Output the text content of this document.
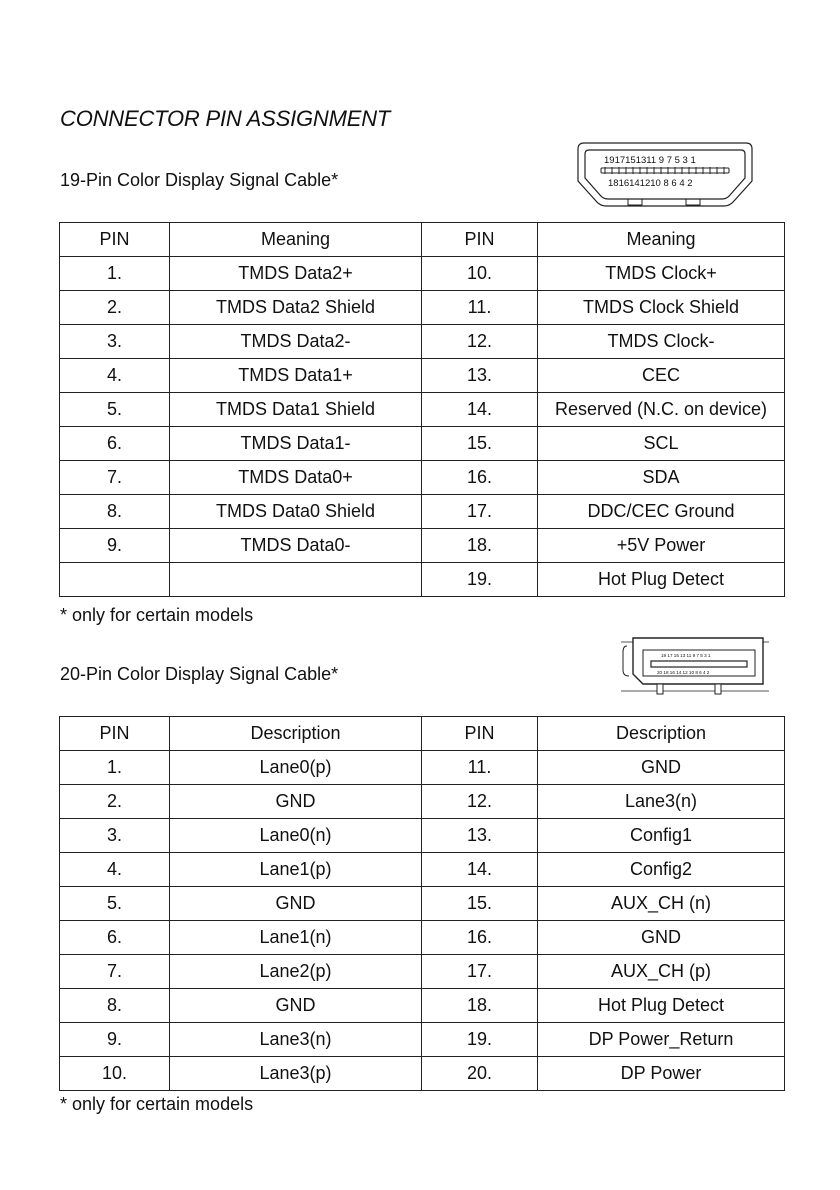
CONNECTOR PIN ASSIGNMENT
19-Pin Color Display Signal Cable*
1917151311 9 7 5 3 1
1816141210 8 6 4 2
PIN	Meaning	PIN	Meaning
1.	TMDS Data2+	10.	TMDS Clock+
2.	TMDS Data2 Shield	11.	TMDS Clock Shield
3.	TMDS Data2-	12.	TMDS Clock-
4.	TMDS Data1+	13.	CEC
5.	TMDS Data1 Shield	14.	Reserved (N.C. on device)
6.	TMDS Data1-	15.	SCL
7.	TMDS Data0+	16.	SDA
8.	TMDS Data0 Shield	17.	DDC/CEC Ground
9.	TMDS Data0-	18.	+5V Power
		19.	Hot Plug Detect

* only for certain models

20-Pin Color Display Signal Cable*
19 17 15 13 11 9 7 5 3 1
20 18 16 14 12 10 8 6 4 2
PIN	Description	PIN	Description
1.	Lane0(p)	11.	GND
2.	GND	12.	Lane3(n)
3.	Lane0(n)	13.	Config1
4.	Lane1(p)	14.	Config2
5.	GND	15.	AUX_CH (n)
6.	Lane1(n)	16.	GND
7.	Lane2(p)	17.	AUX_CH (p)
8.	GND	18.	Hot Plug Detect
9.	Lane3(n)	19.	DP Power_Return
10.	Lane3(p)	20.	DP Power

* only for certain models
